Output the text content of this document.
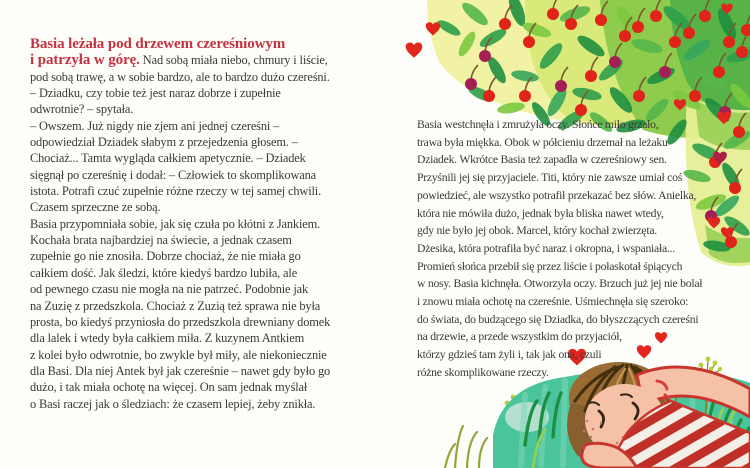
Basia leżała pod drzewem czereśniowym
i patrzyła w górę. Nad sobą miała niebo, chmury i liście,
pod sobą trawę, a w sobie bardzo, ale to bardzo dużo czereśni.
– Dziadku, czy tobie też jest naraz dobrze i zupełnie
odwrotnie? – spytała.
– Owszem. Już nigdy nie zjem ani jednej czereśni –
odpowiedział Dziadek słabym z przejedzenia głosem. –
Chociaż... Tamta wygląda całkiem apetycznie. – Dziadek
sięgnął po czereśnię i dodał: – Człowiek to skomplikowana
istota. Potrafi czuć zupełnie różne rzeczy w tej samej chwili.
Czasem sprzeczne ze sobą.
Basia przypomniała sobie, jak się czuła po kłótni z Jankiem.
Kochała brata najbardziej na świecie, a jednak czasem
zupełnie go nie znosiła. Dobrze chociaż, że nie miała go
całkiem dość. Jak śledzi, które kiedyś bardzo lubiła, ale
od pewnego czasu nie mogła na nie patrzeć. Podobnie jak
na Zuzię z przedszkola. Chociaż z Zuzią też sprawa nie była
prosta, bo kiedyś przyniosła do przedszkola drewniany domek
dla lalek i wtedy była całkiem miła. Z kuzynem Antkiem
z kolei było odwrotnie, bo zwykle był miły, ale niekoniecznie
dla Basi. Dla niej Antek był jak czereśnie – nawet gdy było go
dużo, i tak miała ochotę na więcej. On sam jednak myślał
o Basi raczej jak o śledziach: że czasem lepiej, żeby znikła.
Basia westchnęła i zmrużyła oczy. Słońce miło grzało,
trawa była miękka. Obok w półcieniu drzemał na leżaku
Dziadek. Wkrótce Basia też zapadła w czereśniowy sen.
Przyśnili jej się przyjaciele. Titi, który nie zawsze umiał coś
powiedzieć, ale wszystko potrafił przekazać bez słów. Anielka,
która nie mówiła dużo, jednak była bliska nawet wtedy,
gdy nie było jej obok. Marcel, który kochał zwierzęta.
Dżesika, która potrafiła być naraz i okropna, i wspaniała...
Promień słońca przebił się przez liście i połaskotał śpiących
w nosy. Basia kichnęła. Otworzyła oczy. Brzuch już jej nie bolał
i znowu miała ochotę na czereśnie. Uśmiechnęła się szeroko:
do świata, do budzącego się Dziadka, do błyszczących czereśni
na drzewie, a przede wszystkim do przyjaciół,
którzy gdzieś tam żyli i, tak jak ona, czuli
różne skomplikowane rzeczy.
